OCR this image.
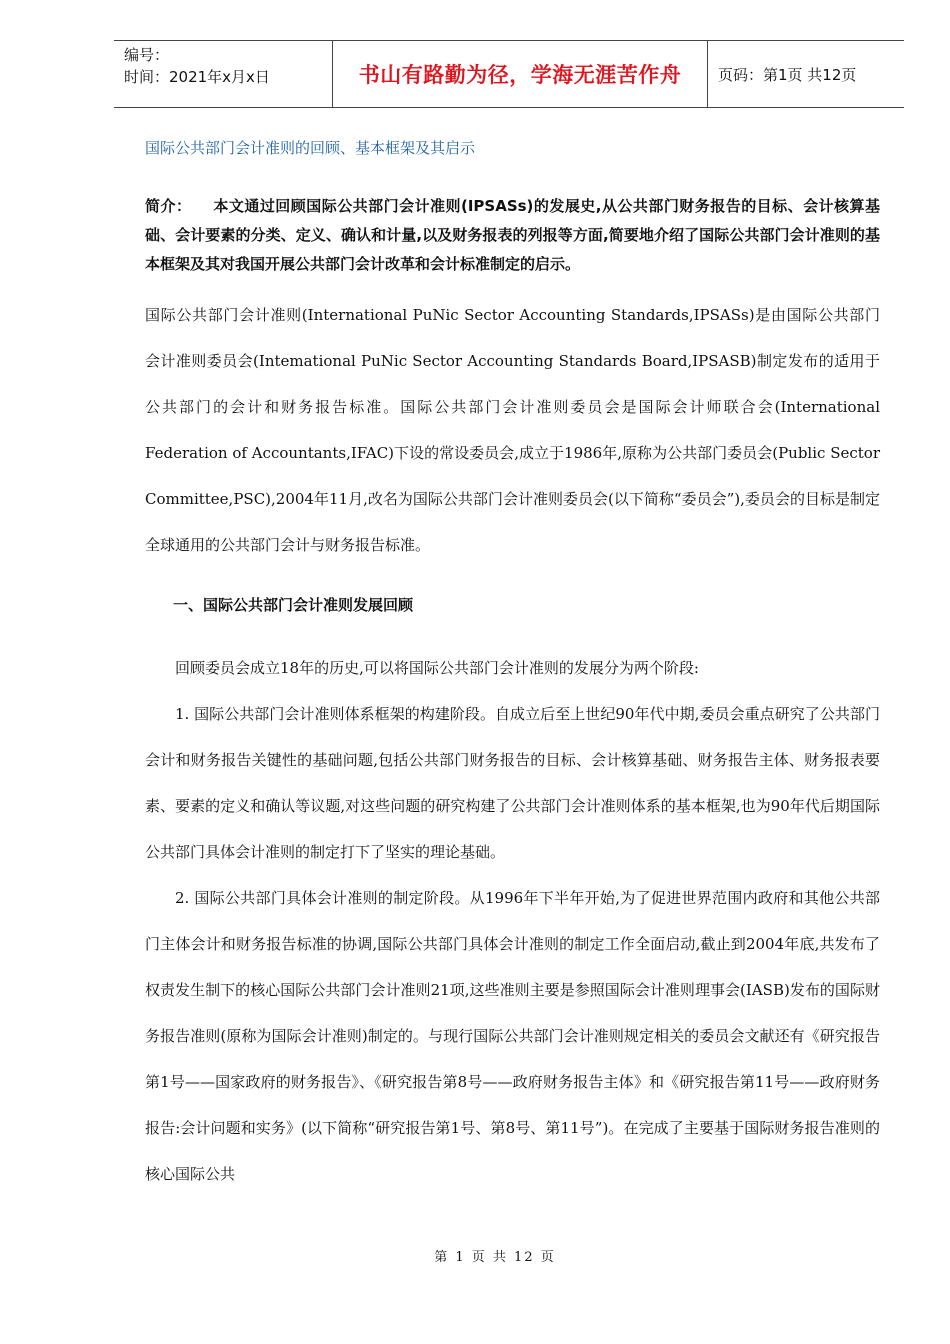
编号：
时间：2021年x月x日	书山有路勤为径，学海无涯苦作舟	页码：第1页 共12页
国际公共部门会计准则的回顾、基本框架及其启示
简介： 本文通过回顾国际公共部门会计准则(IPSASs)的发展史,从公共部门财务报告的目标、会计核算基础、会计要素的分类、定义、确认和计量,以及财务报表的列报等方面,简要地介绍了国际公共部门会计准则的基本框架及其对我国开展公共部门会计改革和会计标准制定的启示。

国际公共部门会计准则(International PuNic Sector Accounting Standards,IPSASs)是由国际公共部门会计准则委员会(Intemational PuNic Sector Accounting Standards Board,IPSASB)制定发布的适用于公共部门的会计和财务报告标准。国际公共部门会计准则委员会是国际会计师联合会(International Federation of Accountants,IFAC)下设的常设委员会,成立于1986年,原称为公共部门委员会(Public Sector Committee,PSC),2004年11月,改名为国际公共部门会计准则委员会(以下简称“委员会”),委员会的目标是制定全球通用的公共部门会计与财务报告标准。

一、国际公共部门会计准则发展回顾

回顾委员会成立18年的历史,可以将国际公共部门会计准则的发展分为两个阶段:

1. 国际公共部门会计准则体系框架的构建阶段。自成立后至上世纪90年代中期,委员会重点研究了公共部门会计和财务报告关键性的基础问题,包括公共部门财务报告的目标、会计核算基础、财务报告主体、财务报表要素、要素的定义和确认等议题,对这些问题的研究构建了公共部门会计准则体系的基本框架,也为90年代后期国际公共部门具体会计准则的制定打下了坚实的理论基础。

2. 国际公共部门具体会计准则的制定阶段。从1996年下半年开始,为了促进世界范围内政府和其他公共部门主体会计和财务报告标准的协调,国际公共部门具体会计准则的制定工作全面启动,截止到2004年底,共发布了权责发生制下的核心国际公共部门会计准则21项,这些准则主要是参照国际会计准则理事会(IASB)发布的国际财务报告准则(原称为国际会计准则)制定的。与现行国际公共部门会计准则规定相关的委员会文献还有《研究报告第1号——国家政府的财务报告》、《研究报告第8号——政府财务报告主体》和《研究报告第11号——政府财务报告:会计问题和实务》(以下简称“研究报告第1号、第8号、第11号”)。在完成了主要基于国际财务报告准则的核心国际公共

第 1 页 共 12 页
